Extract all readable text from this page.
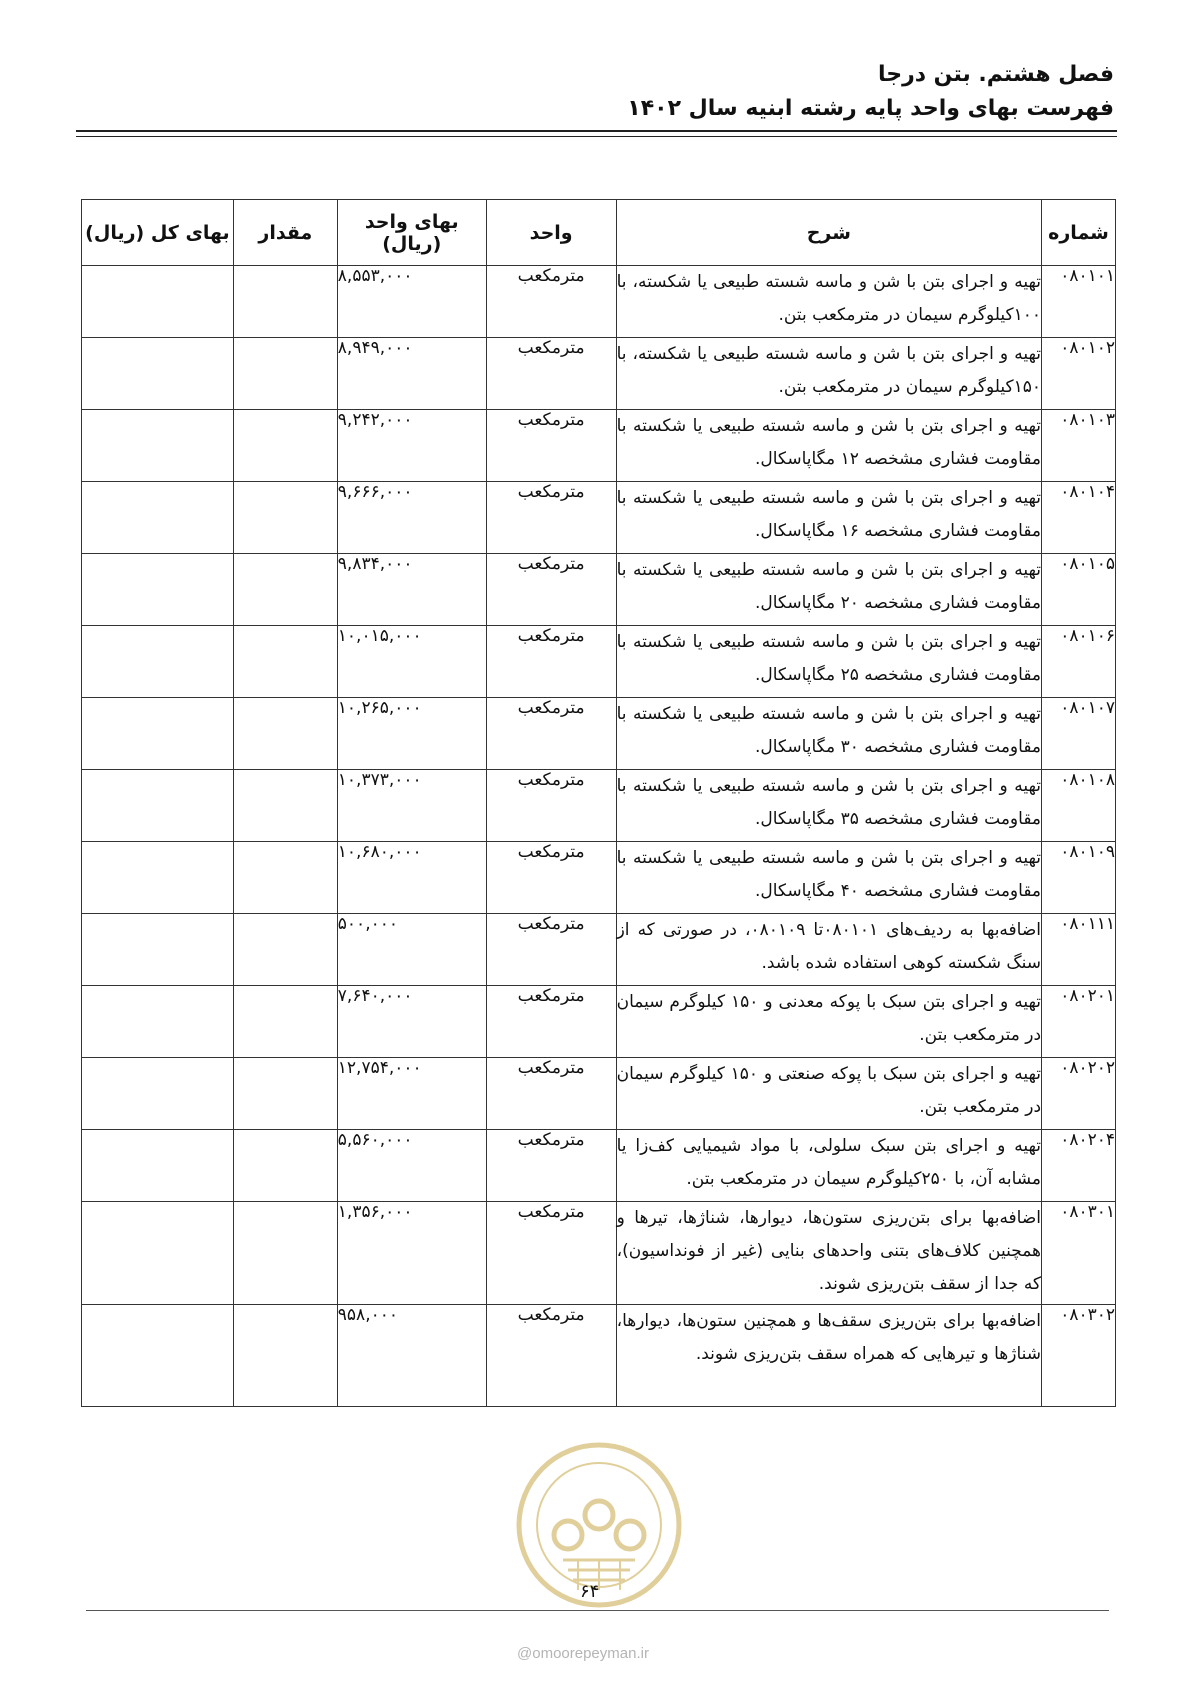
فصل هشتم. بتن درجا
فهرست بهای واحد پایه رشته ابنیه سال ۱۴۰۲
شماره	شرح	واحد	بهای واحد (ریال)	مقدار	بهای کل (ریال)
۰۸۰۱۰۱	تهیه و اجرای بتن با شن و ماسه شسته طبیعی یا شکسته، با ۱۰۰کیلوگرم سیمان در مترمکعب بتن.	مترمکعب	۸,۵۵۳,۰۰۰		
۰۸۰۱۰۲	تهیه و اجرای بتن با شن و ماسه شسته طبیعی یا شکسته، با ۱۵۰کیلوگرم سیمان در مترمکعب بتن.	مترمکعب	۸,۹۴۹,۰۰۰		
۰۸۰۱۰۳	تهیه و اجرای بتن با شن و ماسه شسته طبیعی یا شکسته با مقاومت فشاری مشخصه ۱۲ مگاپاسکال.	مترمکعب	۹,۲۴۲,۰۰۰		
۰۸۰۱۰۴	تهیه و اجرای بتن با شن و ماسه شسته طبیعی یا شکسته با مقاومت فشاری مشخصه ۱۶ مگاپاسکال.	مترمکعب	۹,۶۶۶,۰۰۰		
۰۸۰۱۰۵	تهیه و اجرای بتن با شن و ماسه شسته طبیعی یا شکسته با مقاومت فشاری مشخصه ۲۰ مگاپاسکال.	مترمکعب	۹,۸۳۴,۰۰۰		
۰۸۰۱۰۶	تهیه و اجرای بتن با شن و ماسه شسته طبیعی یا شکسته با مقاومت فشاری مشخصه ۲۵ مگاپاسکال.	مترمکعب	۱۰,۰۱۵,۰۰۰		
۰۸۰۱۰۷	تهیه و اجرای بتن با شن و ماسه شسته طبیعی یا شکسته با مقاومت فشاری مشخصه ۳۰ مگاپاسکال.	مترمکعب	۱۰,۲۶۵,۰۰۰		
۰۸۰۱۰۸	تهیه و اجرای بتن با شن و ماسه شسته طبیعی یا شکسته با مقاومت فشاری مشخصه ۳۵ مگاپاسکال.	مترمکعب	۱۰,۳۷۳,۰۰۰		
۰۸۰۱۰۹	تهیه و اجرای بتن با شن و ماسه شسته طبیعی یا شکسته با مقاومت فشاری مشخصه ۴۰ مگاپاسکال.	مترمکعب	۱۰,۶۸۰,۰۰۰		
۰۸۰۱۱۱	اضافه‌بها به ردیف‌های ۰۸۰۱۰۱تا ۰۸۰۱۰۹، در صورتی که از سنگ شکسته کوهی استفاده شده باشد.	مترمکعب	۵۰۰,۰۰۰		
۰۸۰۲۰۱	تهیه و اجرای بتن سبک با پوکه معدنی و ۱۵۰ کیلوگرم سیمان در مترمکعب بتن.	مترمکعب	۷,۶۴۰,۰۰۰		
۰۸۰۲۰۲	تهیه و اجرای بتن سبک با پوکه صنعتی و ۱۵۰ کیلوگرم سیمان در مترمکعب بتن.	مترمکعب	۱۲,۷۵۴,۰۰۰		
۰۸۰۲۰۴	تهیه و اجرای بتن سبک سلولی، با مواد شیمیایی کف‌زا یا مشابه آن، با ۲۵۰کیلوگرم سیمان در مترمکعب بتن.	مترمکعب	۵,۵۶۰,۰۰۰		
۰۸۰۳۰۱	اضافه‌بها برای بتن‌ریزی ستون‌ها، دیوارها، شناژها، تیرها و همچنین کلاف‌های بتنی واحدهای بنایی (غیر از فونداسیون)، که جدا از سقف بتن‌ریزی شوند.	مترمکعب	۱,۳۵۶,۰۰۰		
۰۸۰۳۰۲	اضافه‌بها برای بتن‌ریزی سقف‌ها و همچنین ستون‌ها، دیوارها، شناژها و تیرهایی که همراه سقف بتن‌ریزی شوند.	مترمکعب	۹۵۸,۰۰۰		
۶۴
@omoorepeyman.ir
